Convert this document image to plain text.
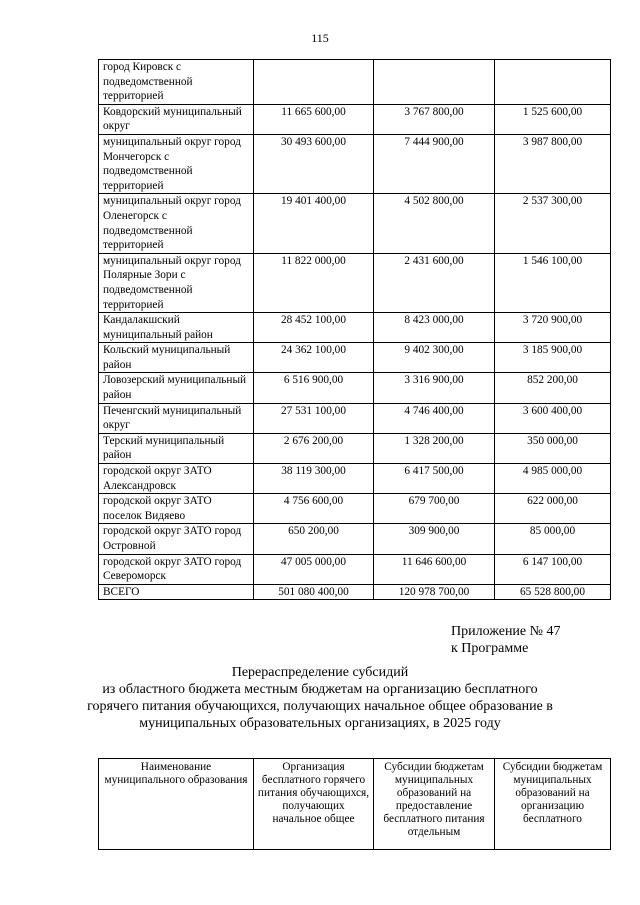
115
город Кировск с подведомственной территорией			
Ковдорский муниципальный округ	11 665 600,00	3 767 800,00	1 525 600,00
муниципальный округ город Мончегорск с подведомственной территорией	30 493 600,00	7 444 900,00	3 987 800,00
муниципальный округ город Оленегорск с подведомственной территорией	19 401 400,00	4 502 800,00	2 537 300,00
муниципальный округ город Полярные Зори с подведомственной территорией	11 822 000,00	2 431 600,00	1 546 100,00
Кандалакшский муниципальный район	28 452 100,00	8 423 000,00	3 720 900,00
Кольский муниципальный район	24 362 100,00	9 402 300,00	3 185 900,00
Ловозерский муниципальный район	6 516 900,00	3 316 900,00	852 200,00
Печенгский муниципальный округ	27 531 100,00	4 746 400,00	3 600 400,00
Терский муниципальный район	2 676 200,00	1 328 200,00	350 000,00
городской округ ЗАТО Александровск	38 119 300,00	6 417 500,00	4 985 000,00
городской округ ЗАТО поселок Видяево	4 756 600,00	679 700,00	622 000,00
городской округ ЗАТО город Островной	650 200,00	309 900,00	85 000,00
городской округ ЗАТО город Североморск	47 005 000,00	11 646 600,00	6 147 100,00
ВСЕГО	501 080 400,00	120 978 700,00	65 528 800,00
Приложение № 47
к Программе
Перераспределение субсидий
из областного бюджета местным бюджетам на организацию бесплатного
горячего питания обучающихся, получающих начальное общее образование в
муниципальных образовательных организациях, в 2025 году
Наименование муниципального образования	Организация бесплатного горячего питания обучающихся, получающих начальное общее	Субсидии бюджетам муниципальных образований на предоставление бесплатного питания отдельным	Субсидии бюджетам муниципальных образований на организацию бесплатного
